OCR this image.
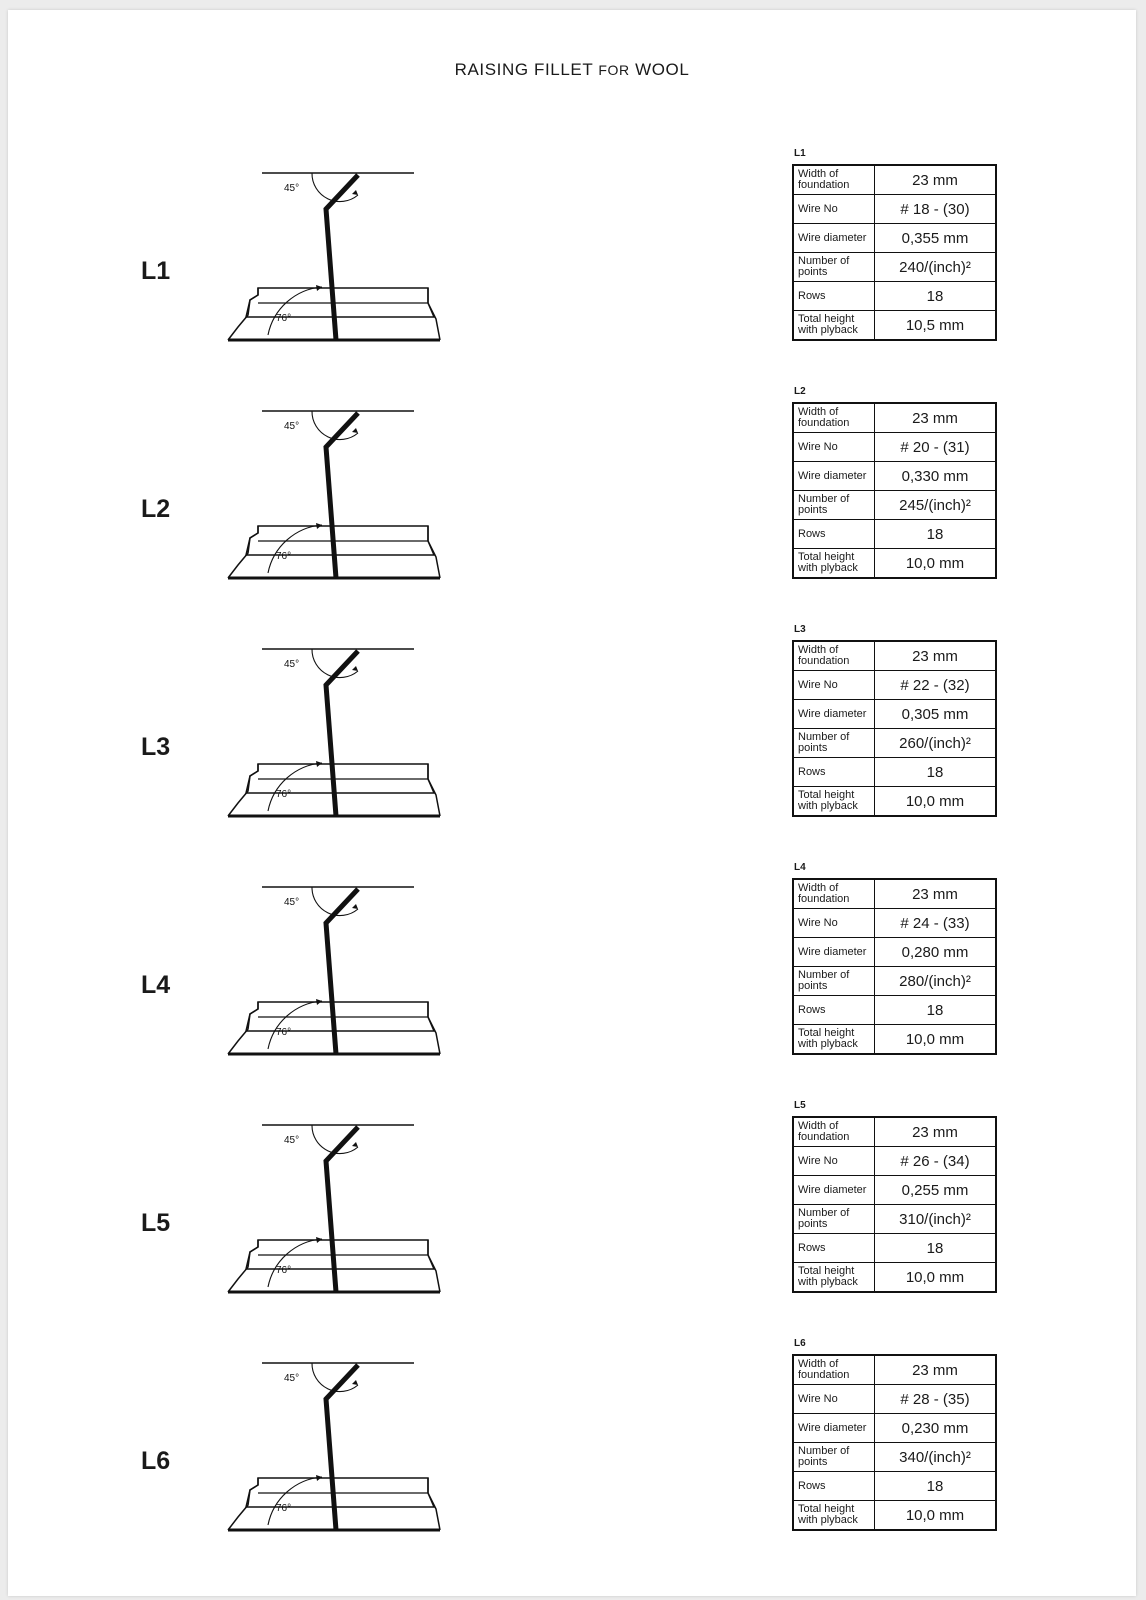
RAISING FILLET FOR WOOL
L1
45°
76°
L1
Width of foundation	23 mm
Wire No	# 18 - (30)
Wire diameter	0,355 mm
Number of points	240/(inch)²
Rows	18
Total height with plyback	10,5 mm
L2
45°
76°
L2
Width of foundation	23 mm
Wire No	# 20 - (31)
Wire diameter	0,330 mm
Number of points	245/(inch)²
Rows	18
Total height with plyback	10,0 mm
L3
45°
76°
L3
Width of foundation	23 mm
Wire No	# 22 - (32)
Wire diameter	0,305 mm
Number of points	260/(inch)²
Rows	18
Total height with plyback	10,0 mm
L4
45°
76°
L4
Width of foundation	23 mm
Wire No	# 24 - (33)
Wire diameter	0,280 mm
Number of points	280/(inch)²
Rows	18
Total height with plyback	10,0 mm
L5
45°
76°
L5
Width of foundation	23 mm
Wire No	# 26 - (34)
Wire diameter	0,255 mm
Number of points	310/(inch)²
Rows	18
Total height with plyback	10,0 mm
L6
45°
76°
L6
Width of foundation	23 mm
Wire No	# 28 - (35)
Wire diameter	0,230 mm
Number of points	340/(inch)²
Rows	18
Total height with plyback	10,0 mm
